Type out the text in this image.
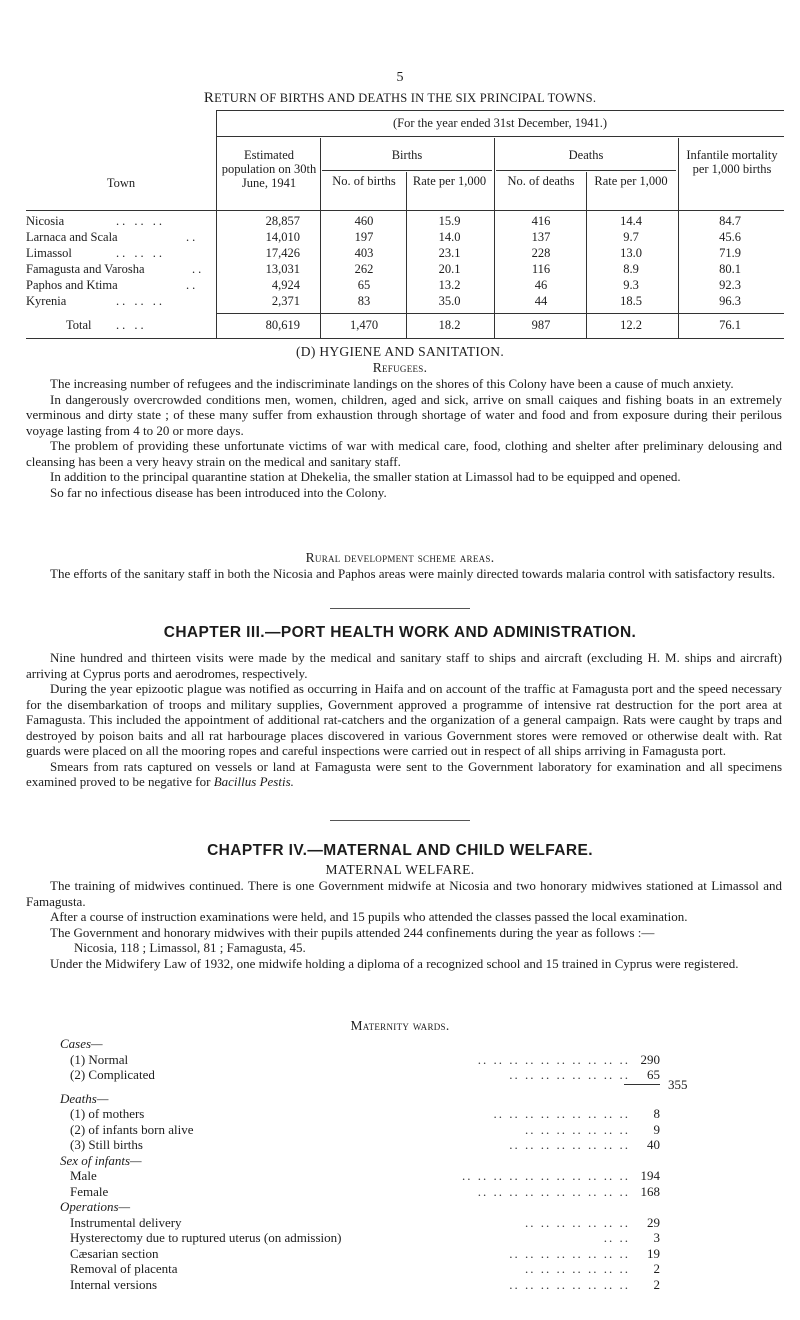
5
RETURN OF BIRTHS AND DEATHS IN THE SIX PRINCIPAL TOWNS.
(For the year ended 31st December, 1941.)
Town
Estimated population on 30th June, 1941
Births
No. of births	Rate per 1,000
Deaths
No. of deaths	Rate per 1,000
Infantile mortality per 1,000 births
Nicosia	.. .. ..	28,857	460	15.9	416	14.4	84.7
Larnaca and Scala	..	14,010	197	14.0	137	9.7	45.6
Limassol	.. .. ..	17,426	403	23.1	228	13.0	71.9
Famagusta and Varosha	..	13,031	262	20.1	116	8.9	80.1
Paphos and Ktima	..	4,924	65	13.2	46	9.3	92.3
Kyrenia	.. .. ..	2,371	83	35.0	44	18.5	96.3
Total .. ..	80,619	1,470	18.2	987	12.2	76.1
(D) HYGIENE AND SANITATION.
Refugees.

The increasing number of refugees and the indiscriminate landings on the shores of this Colony have been a cause of much anxiety.

In dangerously overcrowded conditions men, women, children, aged and sick, arrive on small caiques and fishing boats in an extremely verminous and dirty state ; of these many suffer from exhaustion through shortage of water and food and from exposure during their perilous voyage lasting from 4 to 20 or more days.

The problem of providing these unfortunate victims of war with medical care, food, clothing and shelter after preliminary delousing and cleansing has been a very heavy strain on the medical and sanitary staff.

In addition to the principal quarantine station at Dhekelia, the smaller station at Limassol had to be equipped and opened.

So far no infectious disease has been introduced into the Colony.

Rural development scheme areas.

The efforts of the sanitary staff in both the Nicosia and Paphos areas were mainly directed towards malaria control with satisfactory results.

CHAPTER III.—PORT HEALTH WORK AND ADMINISTRATION.

Nine hundred and thirteen visits were made by the medical and sanitary staff to ships and aircraft (excluding H. M. ships and aircraft) arriving at Cyprus ports and aerodromes, respectively.

During the year epizootic plague was notified as occurring in Haifa and on account of the traffic at Famagusta port and the speed necessary for the disembarkation of troops and military supplies, Government approved a programme of intensive rat destruction for the port area at Famagusta. This included the appointment of additional rat-catchers and the organization of a general campaign. Rats were caught by traps and destroyed by poison baits and all rat harbourage places discovered in various Government stores were removed or otherwise dealt with. Rat guards were placed on all the mooring ropes and careful inspections were carried out in respect of all ships arriving in Famagusta port.

Smears from rats captured on vessels or land at Famagusta were sent to the Government laboratory for examination and all specimens examined proved to be negative for Bacillus Pestis.

CHAPTFR IV.—MATERNAL AND CHILD WELFARE.
MATERNAL WELFARE.

The training of midwives continued. There is one Government midwife at Nicosia and two honorary midwives stationed at Limassol and Famagusta.

After a course of instruction examinations were held, and 15 pupils who attended the classes passed the local examination.

The Government and honorary midwives with their pupils attended 244 confinements during the year as follows :—

Nicosia, 118 ; Limassol, 81 ; Famagusta, 45.

Under the Midwifery Law of 1932, one midwife holding a diploma of a recognized school and 15 trained in Cyprus were registered.

Maternity wards.
Cases—
(1) Normal	.. .. .. .. .. .. .. .. .. .. 290
(2) Complicated	.. .. .. .. .. .. .. .. 65
Deaths—
(1) of mothers	.. .. .. .. .. .. .. .. .. 8
(2) of infants born alive	.. .. .. .. .. .. .. 9
(3) Still births	.. .. .. .. .. .. .. .. 40
Sex of infants—
Male	.. .. .. .. .. .. .. .. .. .. .. 194
Female	.. .. .. .. .. .. .. .. .. .. 168
Operations—
Instrumental delivery	.. .. .. .. .. .. .. 29
Hysterectomy due to ruptured uterus (on admission)	.. .. 3
Cæsarian section	.. .. .. .. .. .. .. .. 19
Removal of placenta	.. .. .. .. .. .. .. 2
Internal versions	.. .. .. .. .. .. .. .. 2
355
